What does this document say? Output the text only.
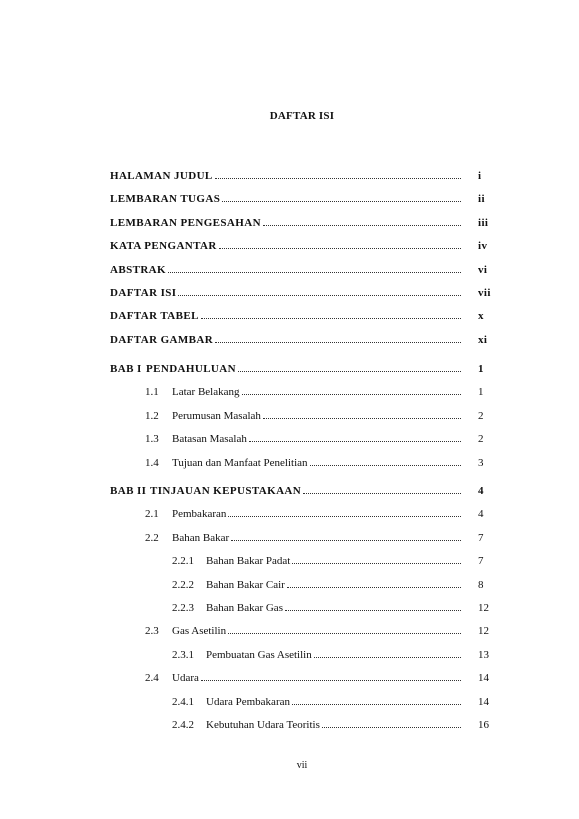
DAFTAR ISI
HALAMAN JUDUL	i
LEMBARAN TUGAS	ii
LEMBARAN PENGESAHAN	iii
KATA PENGANTAR	iv
ABSTRAK	vi
DAFTAR ISI	vii
DAFTAR TABEL	x
DAFTAR GAMBAR	xi
BAB I PENDAHULUAN	1
1.1	Latar Belakang	1
1.2	Perumusan Masalah	2
1.3	Batasan Masalah	2
1.4	Tujuan dan Manfaat Penelitian	3
BAB II TINJAUAN KEPUSTAKAAN	4
2.1	Pembakaran	4
2.2	Bahan Bakar	7
2.2.1	Bahan Bakar Padat	7
2.2.2	Bahan Bakar Cair	8
2.2.3	Bahan Bakar Gas	12
2.3	Gas Asetilin	12
2.3.1	Pembuatan Gas Asetilin	13
2.4	Udara	14
2.4.1	Udara Pembakaran	14
2.4.2	Kebutuhan Udara Teoritis	16
vii
